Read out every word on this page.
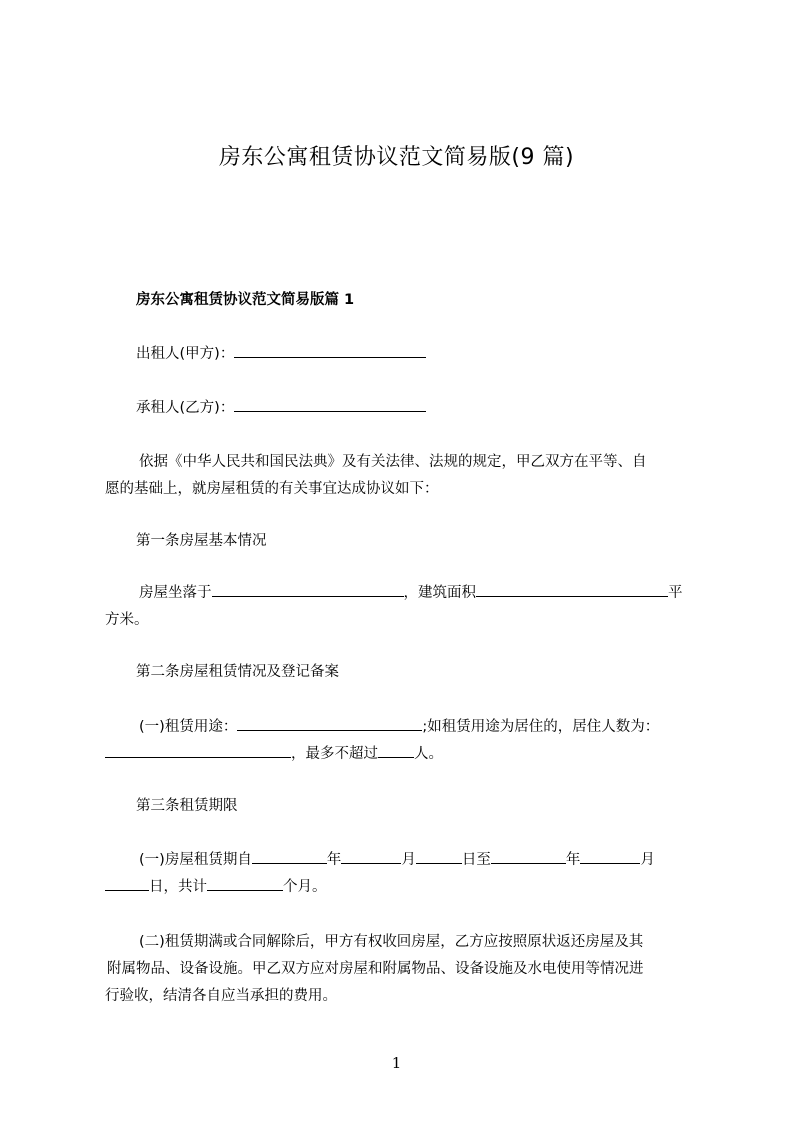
房东公寓租赁协议范文简易版(9 篇)

房东公寓租赁协议范文简易版篇 1

出租人(甲方)：

承租人(乙方)：

依据《中华人民共和国民法典》及有关法律、法规的规定，甲乙双方在平等、自

愿的基础上，就房屋租赁的有关事宜达成协议如下：

第一条房屋基本情况

房屋坐落于	，建筑面积	平

方米。

第二条房屋租赁情况及登记备案

(一)租赁用途：	;如租赁用途为居住的，居住人数为：

，最多不超过 人。

第三条租赁期限

(一)房屋租赁期自	年	月	日至	年	月

日，共计	个月。

(二)租赁期满或合同解除后，甲方有权收回房屋，乙方应按照原状返还房屋及其

附属物品、设备设施。甲乙双方应对房屋和附属物品、设备设施及水电使用等情况进

行验收，结清各自应当承担的费用。

1
